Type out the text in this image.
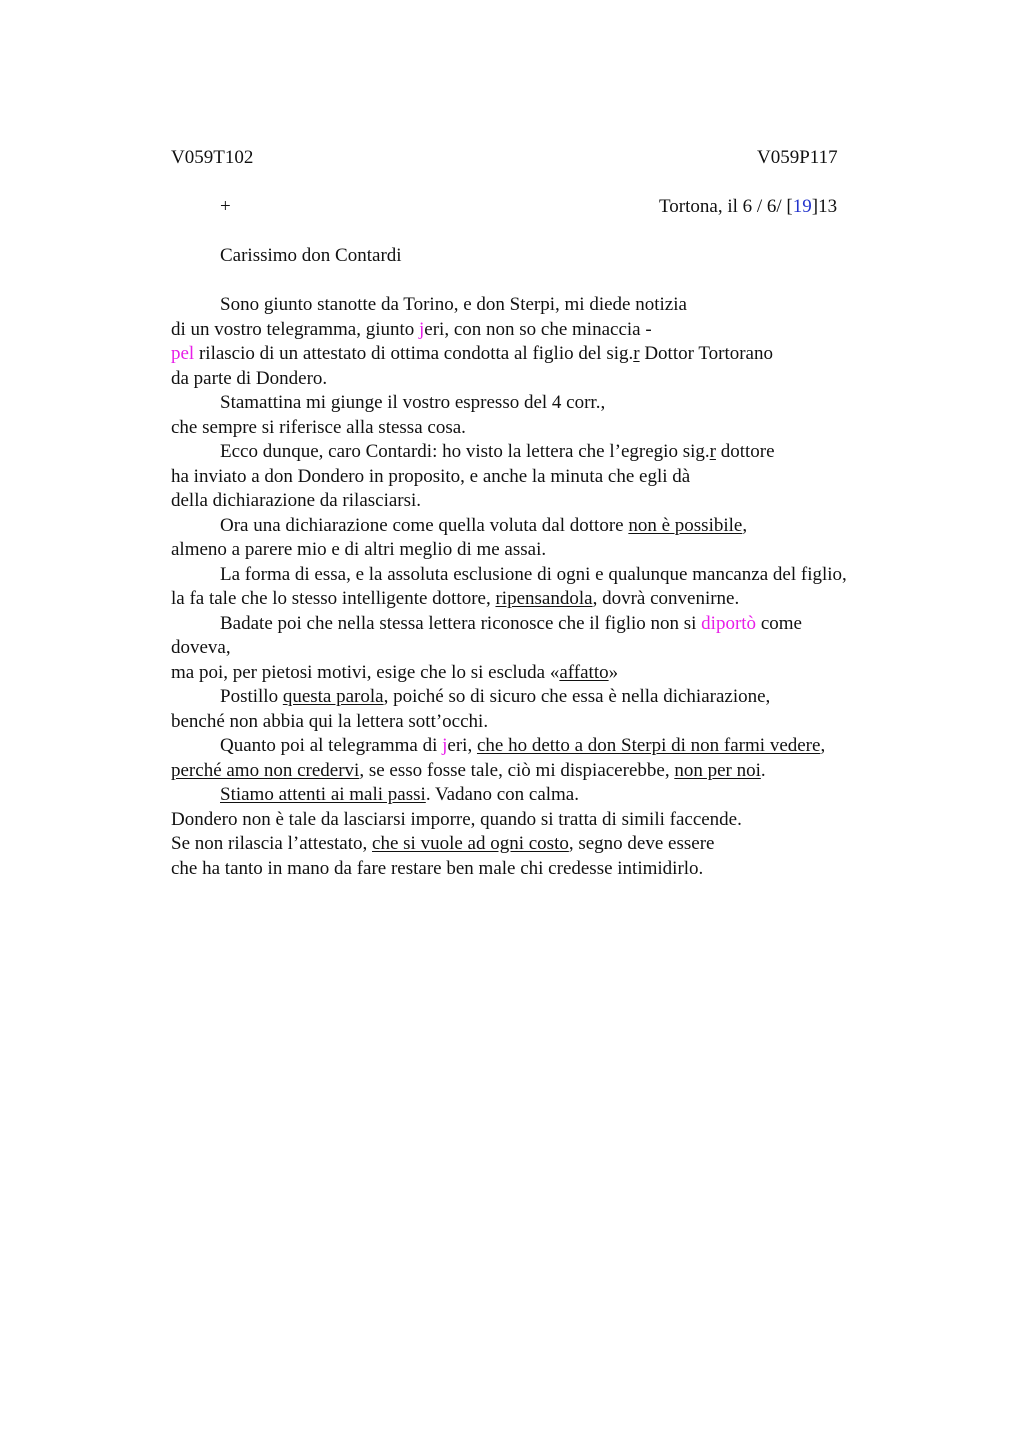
V059T102	V059P117
+	Tortona, il 6 / 6/ [19]13
Carissimo don Contardi
Sono giunto stanotte da Torino, e don Sterpi, mi diede notizia
di un vostro telegramma, giunto jeri, con non so che minaccia -
pel rilascio di un attestato di ottima condotta al figlio del sig.r Dottor Tortorano
da parte di Dondero.
Stamattina mi giunge il vostro espresso del 4 corr.,
che sempre si riferisce alla stessa cosa.
Ecco dunque, caro Contardi: ho visto la lettera che l’egregio sig.r dottore
ha inviato a don Dondero in proposito, e anche la minuta che egli dà
della dichiarazione da rilasciarsi.
Ora una dichiarazione come quella voluta dal dottore non è possibile,
almeno a parere mio e di altri meglio di me assai.
La forma di essa, e la assoluta esclusione di ogni e qualunque mancanza del figlio,
la fa tale che lo stesso intelligente dottore, ripensandola, dovrà convenirne.
Badate poi che nella stessa lettera riconosce che il figlio non si diportò come
doveva,
ma poi, per pietosi motivi, esige che lo si escluda «affatto»
Postillo questa parola, poiché so di sicuro che essa è nella dichiarazione,
benché non abbia qui la lettera sott’occhi.
Quanto poi al telegramma di jeri, che ho detto a don Sterpi di non farmi vedere,
perché amo non credervi, se esso fosse tale, ciò mi dispiacerebbe, non per noi.
Stiamo attenti ai mali passi. Vadano con calma.
Dondero non è tale da lasciarsi imporre, quando si tratta di simili faccende.
Se non rilascia l’attestato, che si vuole ad ogni costo, segno deve essere
che ha tanto in mano da fare restare ben male chi credesse intimidirlo.
